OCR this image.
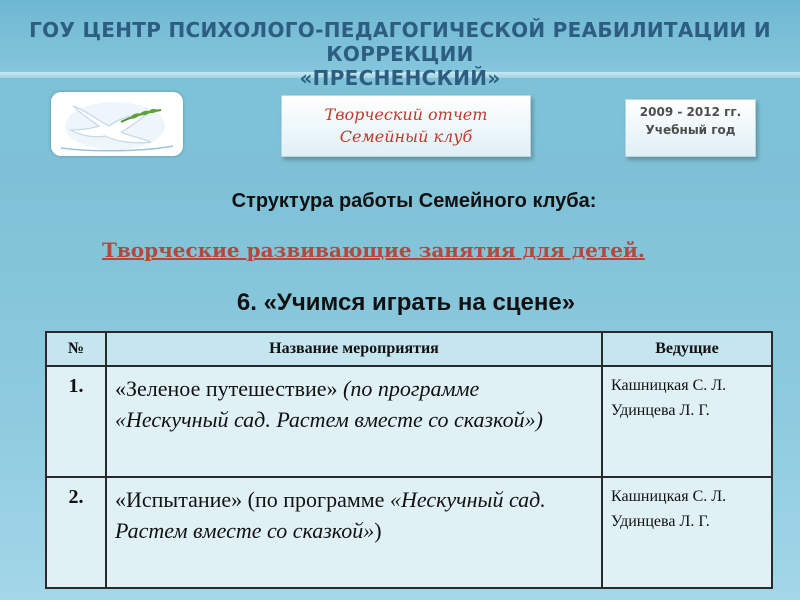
ГОУ ЦЕНТР ПСИХОЛОГО-ПЕДАГОГИЧЕСКОЙ РЕАБИЛИТАЦИИ И КОРРЕКЦИИ
«ПРЕСНЕНСКИЙ»
Творческий отчет
Семейный клуб
2009 - 2012 гг.
Учебный год
Структура работы Семейного клуба:
Творческие развивающие занятия для детей.
6. «Учимся играть на сцене»
№	Название мероприятия	Ведущие
1.	«Зеленое путешествие» (по программе «Нескучный сад. Растем вместе со сказкой»)	Кашницкая С. Л.
Удинцева Л. Г.

2.	«Испытание» (по программе «Нескучный сад. Растем вместе со сказкой»)	Кашницкая С. Л.
Удинцева Л. Г.
